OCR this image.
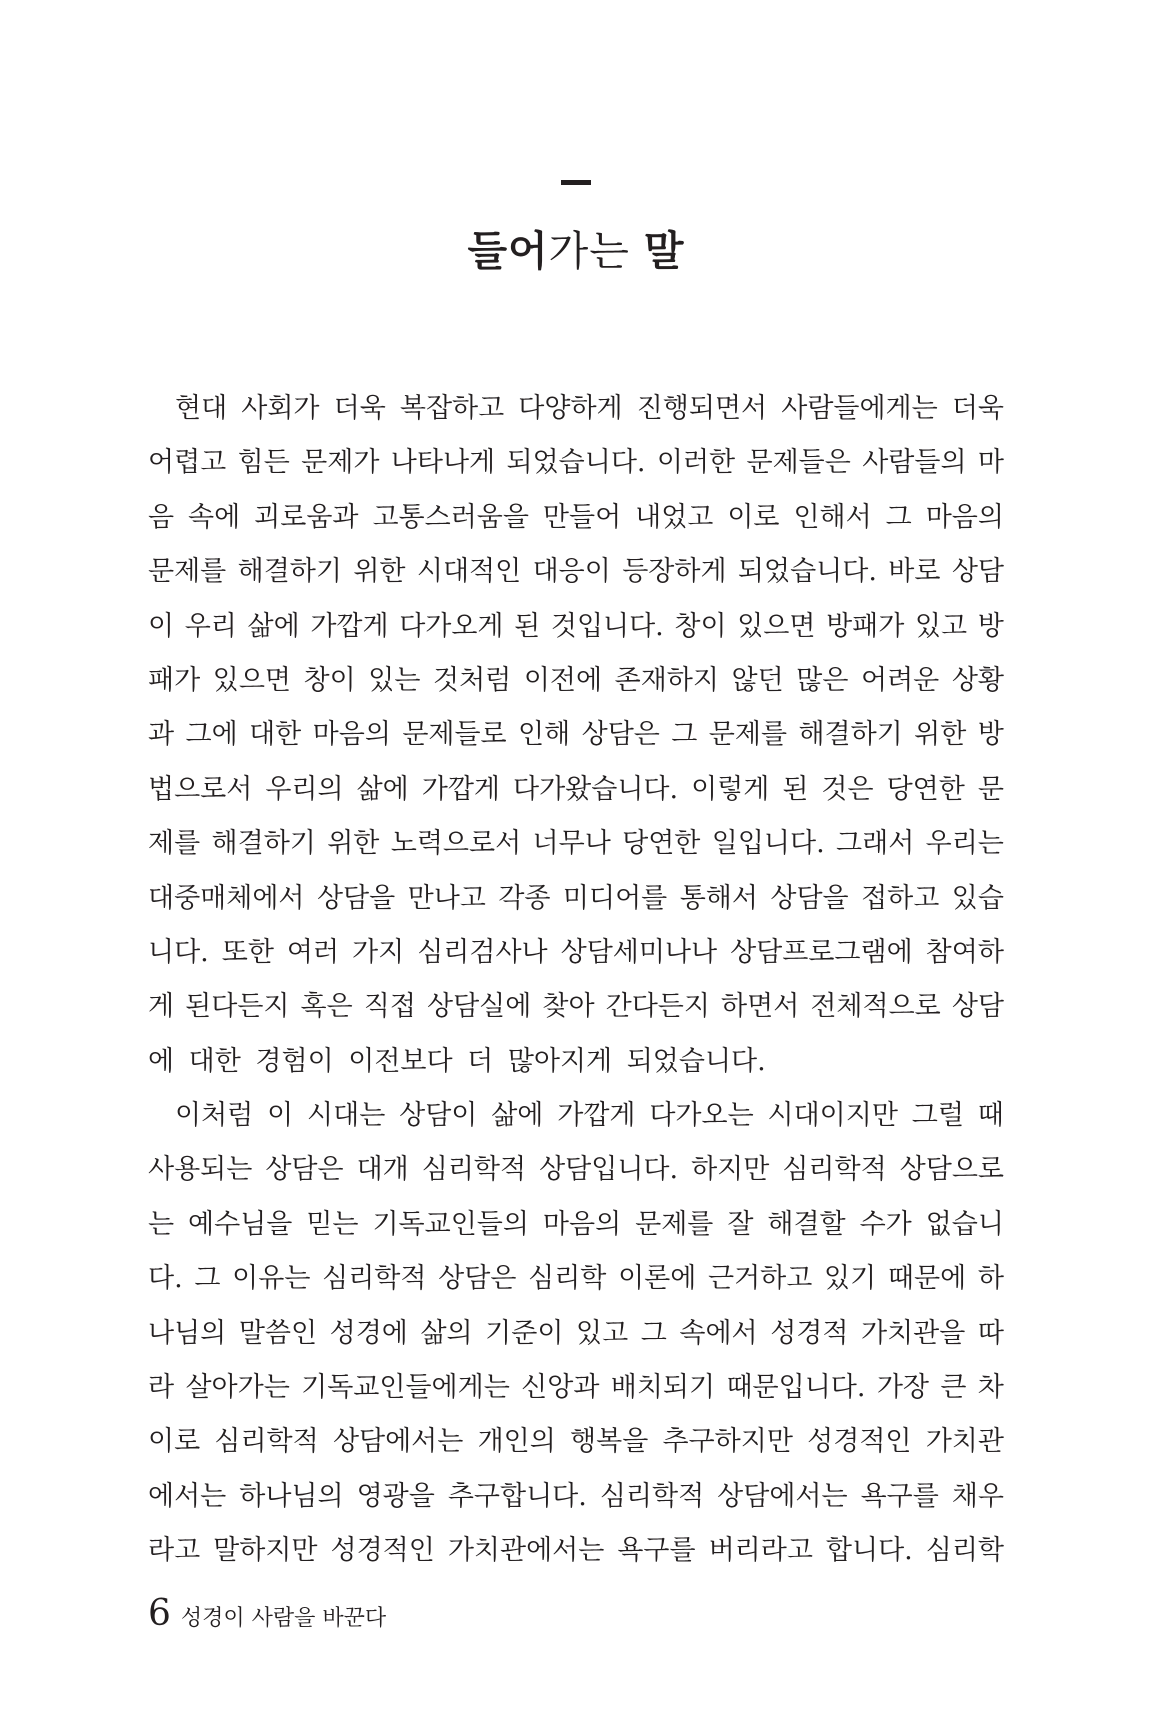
들어가는 말
현대 사회가 더욱 복잡하고 다양하게 진행되면서 사람들에게는 더욱
어렵고 힘든 문제가 나타나게 되었습니다. 이러한 문제들은 사람들의 마
음 속에 괴로움과 고통스러움을 만들어 내었고 이로 인해서 그 마음의
문제를 해결하기 위한 시대적인 대응이 등장하게 되었습니다. 바로 상담
이 우리 삶에 가깝게 다가오게 된 것입니다. 창이 있으면 방패가 있고 방
패가 있으면 창이 있는 것처럼 이전에 존재하지 않던 많은 어려운 상황
과 그에 대한 마음의 문제들로 인해 상담은 그 문제를 해결하기 위한 방
법으로서 우리의 삶에 가깝게 다가왔습니다. 이렇게 된 것은 당연한 문
제를 해결하기 위한 노력으로서 너무나 당연한 일입니다. 그래서 우리는
대중매체에서 상담을 만나고 각종 미디어를 통해서 상담을 접하고 있습
니다. 또한 여러 가지 심리검사나 상담세미나나 상담프로그램에 참여하
게 된다든지 혹은 직접 상담실에 찾아 간다든지 하면서 전체적으로 상담
에 대한 경험이 이전보다 더 많아지게 되었습니다.
이처럼 이 시대는 상담이 삶에 가깝게 다가오는 시대이지만 그럴 때
사용되는 상담은 대개 심리학적 상담입니다. 하지만 심리학적 상담으로
는 예수님을 믿는 기독교인들의 마음의 문제를 잘 해결할 수가 없습니
다. 그 이유는 심리학적 상담은 심리학 이론에 근거하고 있기 때문에 하
나님의 말씀인 성경에 삶의 기준이 있고 그 속에서 성경적 가치관을 따
라 살아가는 기독교인들에게는 신앙과 배치되기 때문입니다. 가장 큰 차
이로 심리학적 상담에서는 개인의 행복을 추구하지만 성경적인 가치관
에서는 하나님의 영광을 추구합니다. 심리학적 상담에서는 욕구를 채우
라고 말하지만 성경적인 가치관에서는 욕구를 버리라고 합니다. 심리학
6 성경이 사람을 바꾼다
